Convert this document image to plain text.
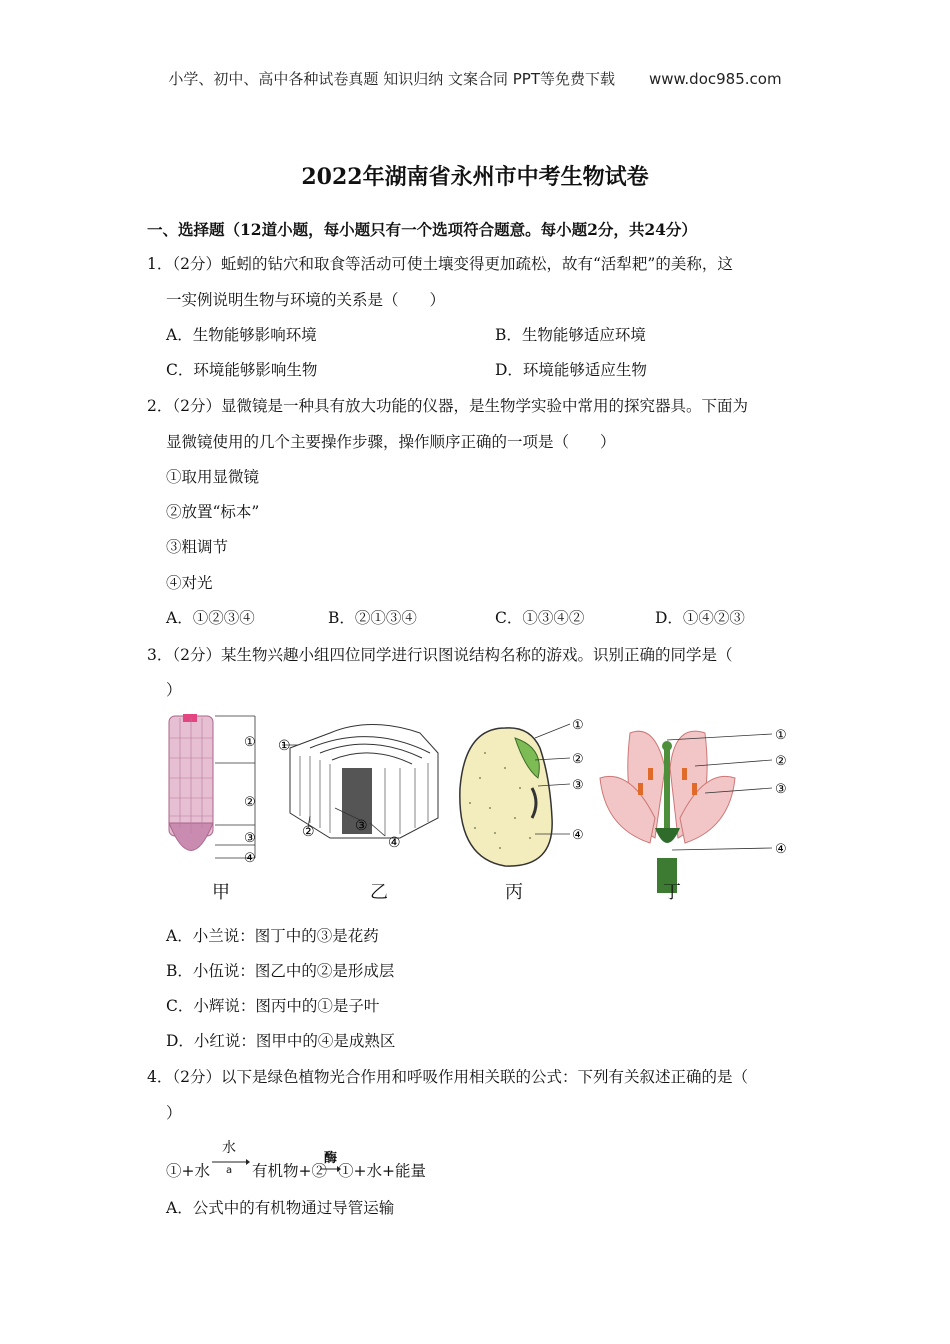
小学、初中、高中各种试卷真题 知识归纳 文案合同 PPT等免费下载 www.doc985.com
2022年湖南省永州市中考生物试卷
一、选择题（12道小题，每小题只有一个选项符合题意。每小题2分，共24分）
1．（2分）蚯蚓的钻穴和取食等活动可使土壤变得更加疏松，故有“活犁耙”的美称，这
一实例说明生物与环境的关系是（　　）
A．生物能够影响环境	B．生物能够适应环境
C．环境能够影响生物	D．环境能够适应生物
2．（2分）显微镜是一种具有放大功能的仪器，是生物学实验中常用的探究器具。下面为
显微镜使用的几个主要操作步骤，操作顺序正确的一项是（　　）
①取用显微镜
②放置“标本”
③粗调节
④对光
A．①②③④	B．②①③④	C．①③④②	D．①④②③
3．（2分）某生物兴趣小组四位同学进行识图说结构名称的游戏。识别正确的同学是（
）
①
②
③
④
①
②	③
④
①
②
③
④
①
②
③
④
甲	乙	丙	丁
A．小兰说：图丁中的③是花药
B．小伍说：图乙中的②是形成层
C．小辉说：图丙中的①是子叶
D．小红说：图甲中的④是成熟区
4．（2分）以下是绿色植物光合作用和呼吸作用相关联的公式：下列有关叙述正确的是（
）
①+水
水
a 有机物+②
酶
①+水+能量
A．公式中的有机物通过导管运输
